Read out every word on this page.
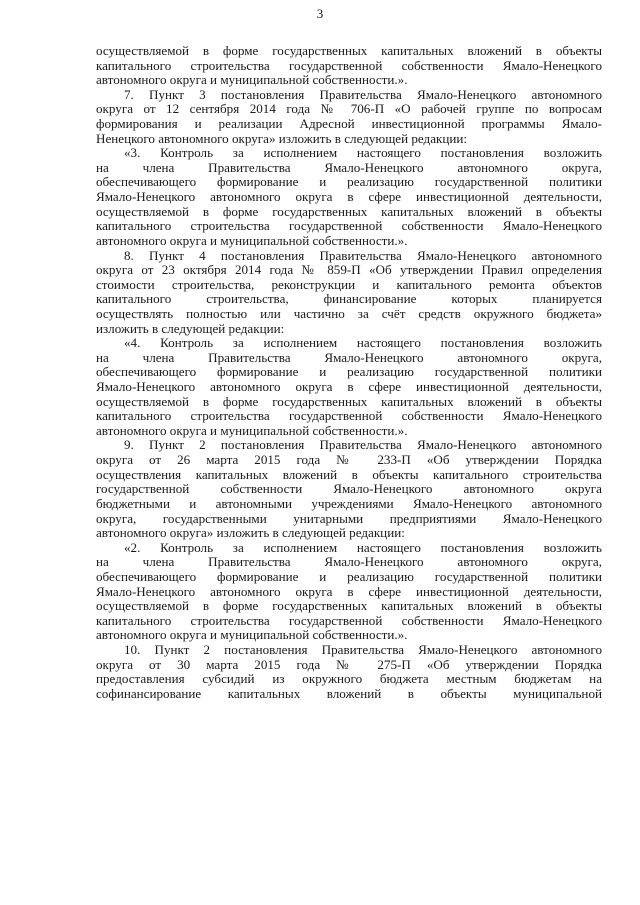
3
осуществляемой в форме государственных капитальных вложений в объекты
капитального строительства государственной собственности Ямало-Ненецкого
автономного округа и муниципальной собственности.».
7. Пункт 3 постановления Правительства Ямало-Ненецкого автономного
округа от 12 сентября 2014 года № 706-П «О рабочей группе по вопросам
формирования и реализации Адресной инвестиционной программы Ямало-
Ненецкого автономного округа» изложить в следующей редакции:
«3. Контроль за исполнением настоящего постановления возложить
на члена Правительства Ямало-Ненецкого автономного округа,
обеспечивающего формирование и реализацию государственной политики
Ямало-Ненецкого автономного округа в сфере инвестиционной деятельности,
осуществляемой в форме государственных капитальных вложений в объекты
капитального строительства государственной собственности Ямало-Ненецкого
автономного округа и муниципальной собственности.».
8. Пункт 4 постановления Правительства Ямало-Ненецкого автономного
округа от 23 октября 2014 года № 859-П «Об утверждении Правил определения
стоимости строительства, реконструкции и капитального ремонта объектов
капитального строительства, финансирование которых планируется
осуществлять полностью или частично за счёт средств окружного бюджета»
изложить в следующей редакции:
«4. Контроль за исполнением настоящего постановления возложить
на члена Правительства Ямало-Ненецкого автономного округа,
обеспечивающего формирование и реализацию государственной политики
Ямало-Ненецкого автономного округа в сфере инвестиционной деятельности,
осуществляемой в форме государственных капитальных вложений в объекты
капитального строительства государственной собственности Ямало-Ненецкого
автономного округа и муниципальной собственности.».
9. Пункт 2 постановления Правительства Ямало-Ненецкого автономного
округа от 26 марта 2015 года № 233-П «Об утверждении Порядка
осуществления капитальных вложений в объекты капитального строительства
государственной собственности Ямало-Ненецкого автономного округа
бюджетными и автономными учреждениями Ямало-Ненецкого автономного
округа, государственными унитарными предприятиями Ямало-Ненецкого
автономного округа» изложить в следующей редакции:
«2. Контроль за исполнением настоящего постановления возложить
на члена Правительства Ямало-Ненецкого автономного округа,
обеспечивающего формирование и реализацию государственной политики
Ямало-Ненецкого автономного округа в сфере инвестиционной деятельности,
осуществляемой в форме государственных капитальных вложений в объекты
капитального строительства государственной собственности Ямало-Ненецкого
автономного округа и муниципальной собственности.».
10. Пункт 2 постановления Правительства Ямало-Ненецкого автономного
округа от 30 марта 2015 года № 275-П «Об утверждении Порядка
предоставления субсидий из окружного бюджета местным бюджетам на
софинансирование капитальных вложений в объекты муниципальной
